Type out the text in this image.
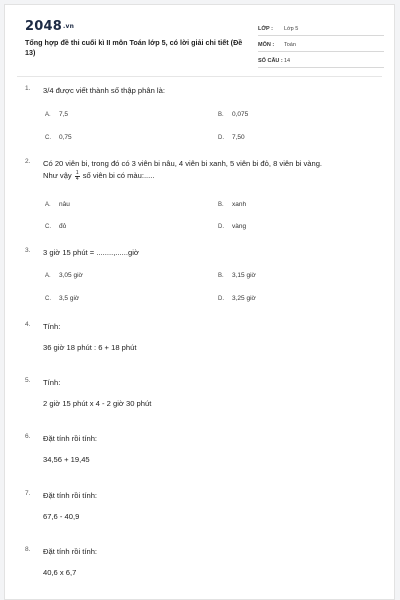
2048.vn
Tổng hợp đề thi cuối kì II môn Toán lớp 5, có lời giải chi tiết (Đề 13)
LỚP :	Lớp 5
MÔN :	Toán
SỐ CÂU : 14
1. 3/4 được viết thành số thập phân là:
A. 7,5	B. 0,075
C. 0,75	D. 7,50
2. Có 20 viên bi, trong đó có 3 viên bi nâu, 4 viên bi xanh, 5 viên bi đỏ, 8 viên bi vàng.
Như vậy $\frac{1}{4}$ số viên bi có màu:.....
A. nâu	B. xanh
C. đỏ	D. vàng
3. 3 giờ 15 phút = ........,......giờ
A. 3,05 giờ	B. 3,15 giờ
C. 3,5 giờ	D. 3,25 giờ
4. Tính:
36 giờ 18 phút : 6 + 18 phút
5. Tính:
2 giờ 15 phút x 4 - 2 giờ 30 phút
6. Đặt tính rồi tính:
34,56 + 19,45
7. Đặt tính rồi tính:
67,6 - 40,9
8. Đặt tính rồi tính:
40,6 x 6,7
